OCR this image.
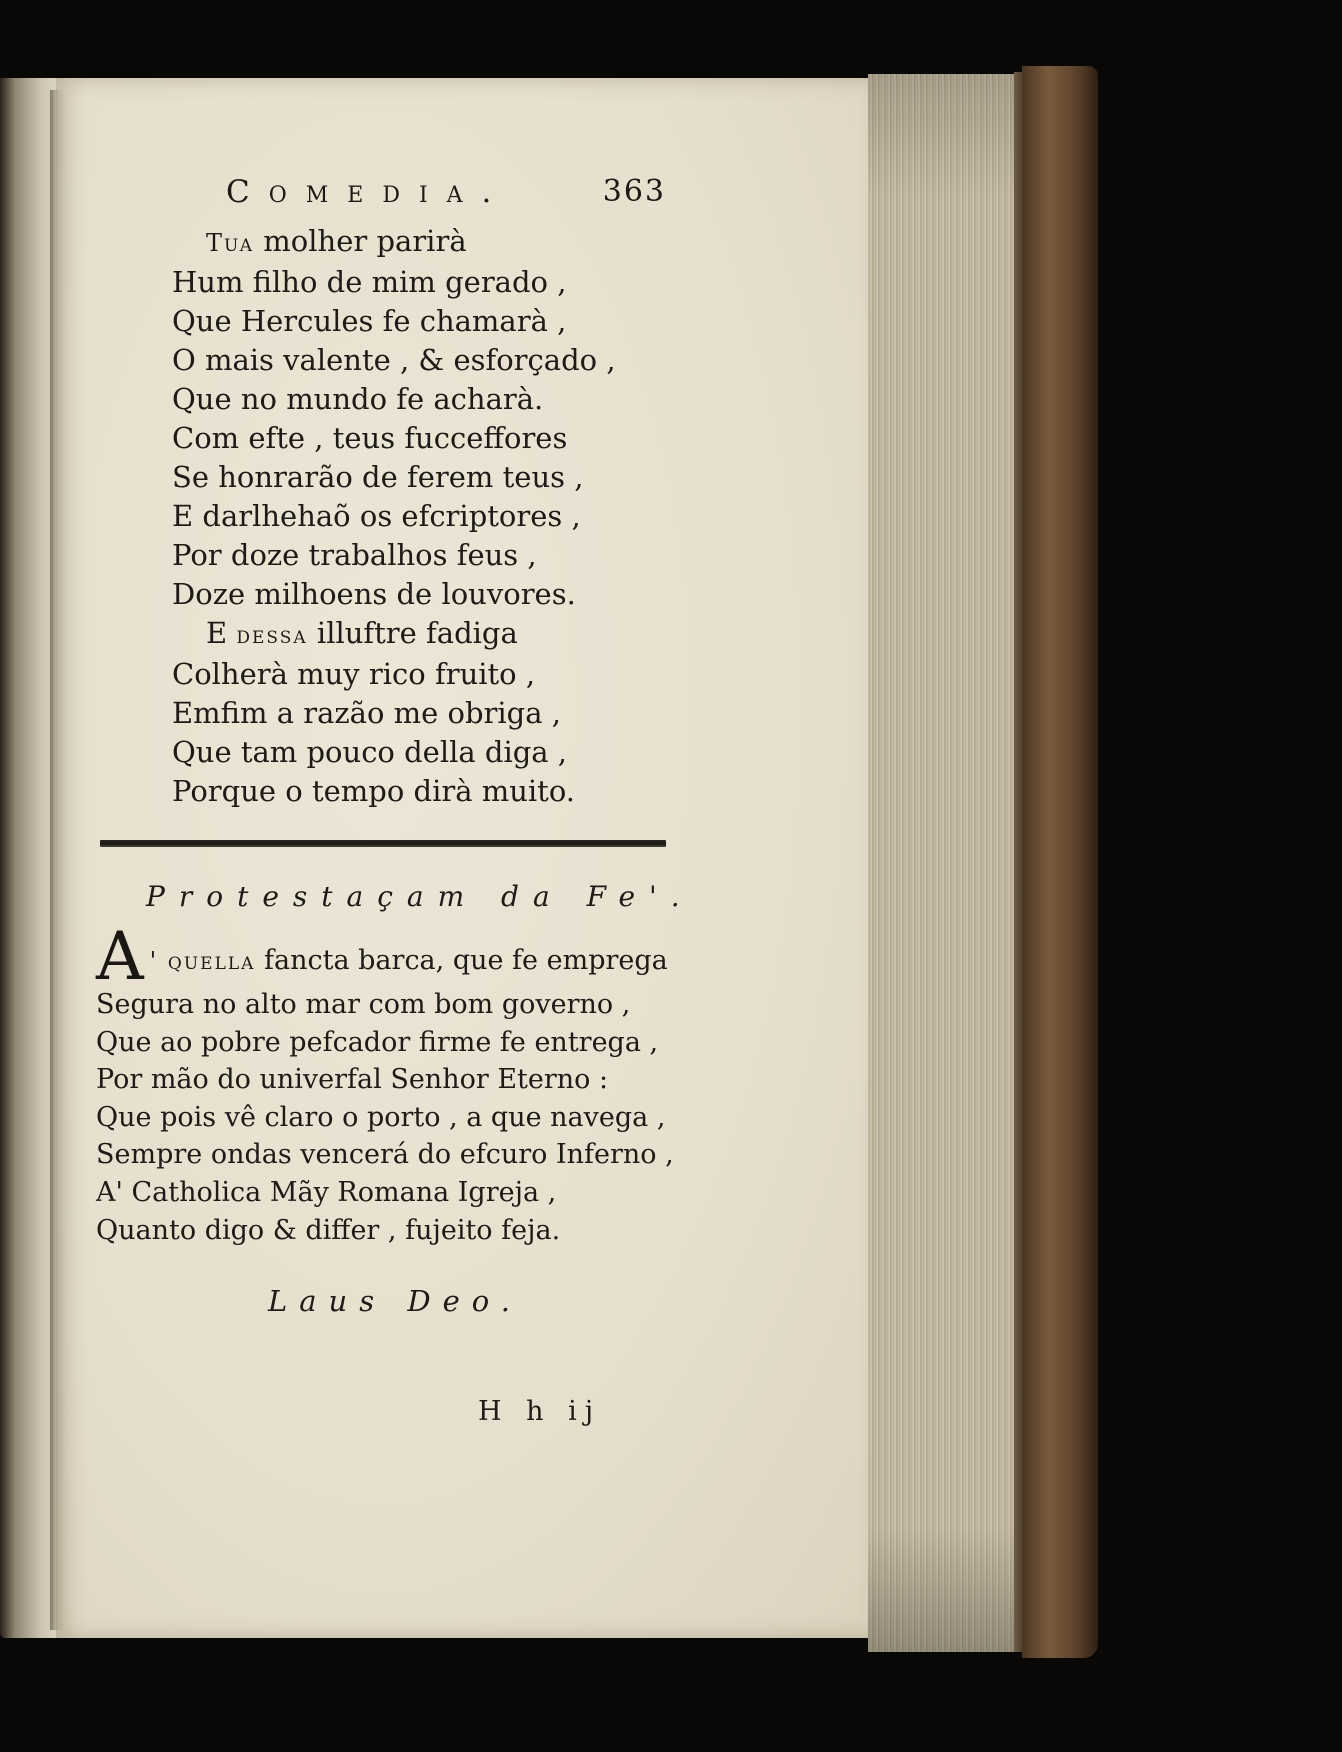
Comedia.	363
Tua molher parirà
Hum filho de mim gerado ,
Que Hercules fe chamarà ,
O mais valente , & esforçado ,
Que no mundo fe acharà.
Com efte , teus fucceffores
Se honrarão de ferem teus ,
E darlhehaõ os efcriptores ,
Por doze trabalhos feus ,
Doze milhoens de louvores.
E dessa illuftre fadiga
Colherà muy rico fruito ,
Emfim a razão me obriga ,
Que tam pouco della diga ,
Porque o tempo dirà muito.
Protestaçam da Fe'.
A ' quella fancta barca, que fe emprega
Segura no alto mar com bom governo ,
Que ao pobre pefcador firme fe entrega ,
Por mão do univerfal Senhor Eterno :
Que pois vê claro o porto , a que navega ,
Sempre ondas vencerá do efcuro Inferno ,
A' Catholica Mãy Romana Igreja ,
Quanto digo & differ , fujeito feja.
Laus Deo.
H h ij
